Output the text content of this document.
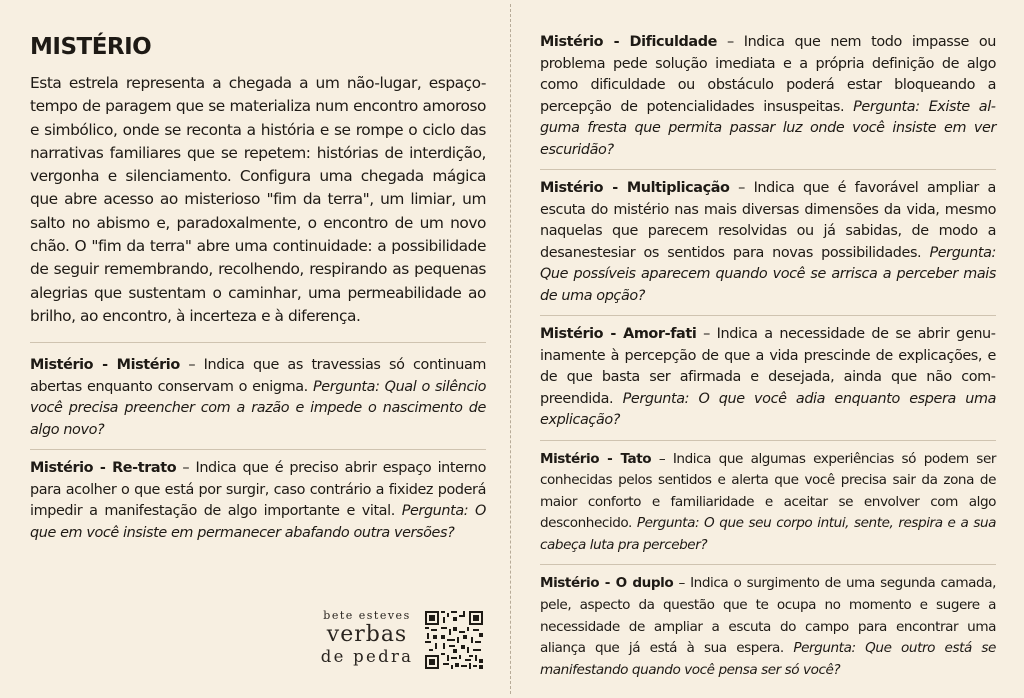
MISTÉRIO

Esta estrela representa a chegada a um não-lugar, espaço-tempo de paragem que se materializa num encontro amoroso e simbólico, onde se reconta a história e se rompe o ciclo das narrativas familiares que se repetem: histórias de interdição, vergonha e silenciamento. Configura uma chegada mágica que abre acesso ao misterioso "fim da terra", um limiar, um salto no abismo e, paradoxalmente, o encontro de um novo chão. O "fim da terra" abre uma continuidade: a possibilidade de seguir remembrando, recolhendo, respirando as pequenas alegrias que sustentam o caminhar, uma permeabilidade ao brilho, ao encontro, à incerteza e à diferença.

Mistério - Mistério – Indica que as travessias só continuam abertas enquanto conservam o enigma. Pergunta: Qual o silêncio você precisa preencher com a razão e impede o nascimento de algo novo?

Mistério - Re-trato – Indica que é preciso abrir espaço interno para acolher o que está por surgir, caso contrário a fixidez poderá impedir a manifestação de algo importante e vital. Pergunta: O que em você insiste em permanecer abafando outra versões?

bete esteves
verbas
de pedra

Mistério - Dificuldade – Indica que nem todo impasse ou problema pede solução imediata e a própria definição de algo como dificuldade ou obstáculo poderá estar bloqueando a percepção de potencialidades insuspeitas. Pergunta: Existe alguma fresta que permita passar luz onde você insiste em ver escuridão?

Mistério - Multiplicação – Indica que é favorável ampliar a escuta do mistério nas mais diversas dimensões da vida, mesmo naquelas que parecem resolvidas ou já sabidas, de modo a desanestesiar os sentidos para novas possibilidades. Pergunta: Que possíveis aparecem quando você se arrisca a perceber mais de uma opção?

Mistério - Amor-fati – Indica a necessidade de se abrir genuinamente à percepção de que a vida prescinde de explicações, e de que basta ser afirmada e desejada, ainda que não compreendida. Pergunta: O que você adia enquanto espera uma explicação?

Mistério - Tato – Indica que algumas experiências só podem ser conhecidas pelos sentidos e alerta que você precisa sair da zona de maior conforto e familiaridade e aceitar se envolver com algo desconhecido. Pergunta: O que seu corpo intui, sente, respira e a sua cabeça luta pra perceber?

Mistério - O duplo – Indica o surgimento de uma segunda camada, pele, aspecto da questão que te ocupa no momento e sugere a necessidade de ampliar a escuta do campo para encontrar uma aliança que já está à sua espera. Pergunta: Que outro está se manifestando quando você pensa ser só você?
